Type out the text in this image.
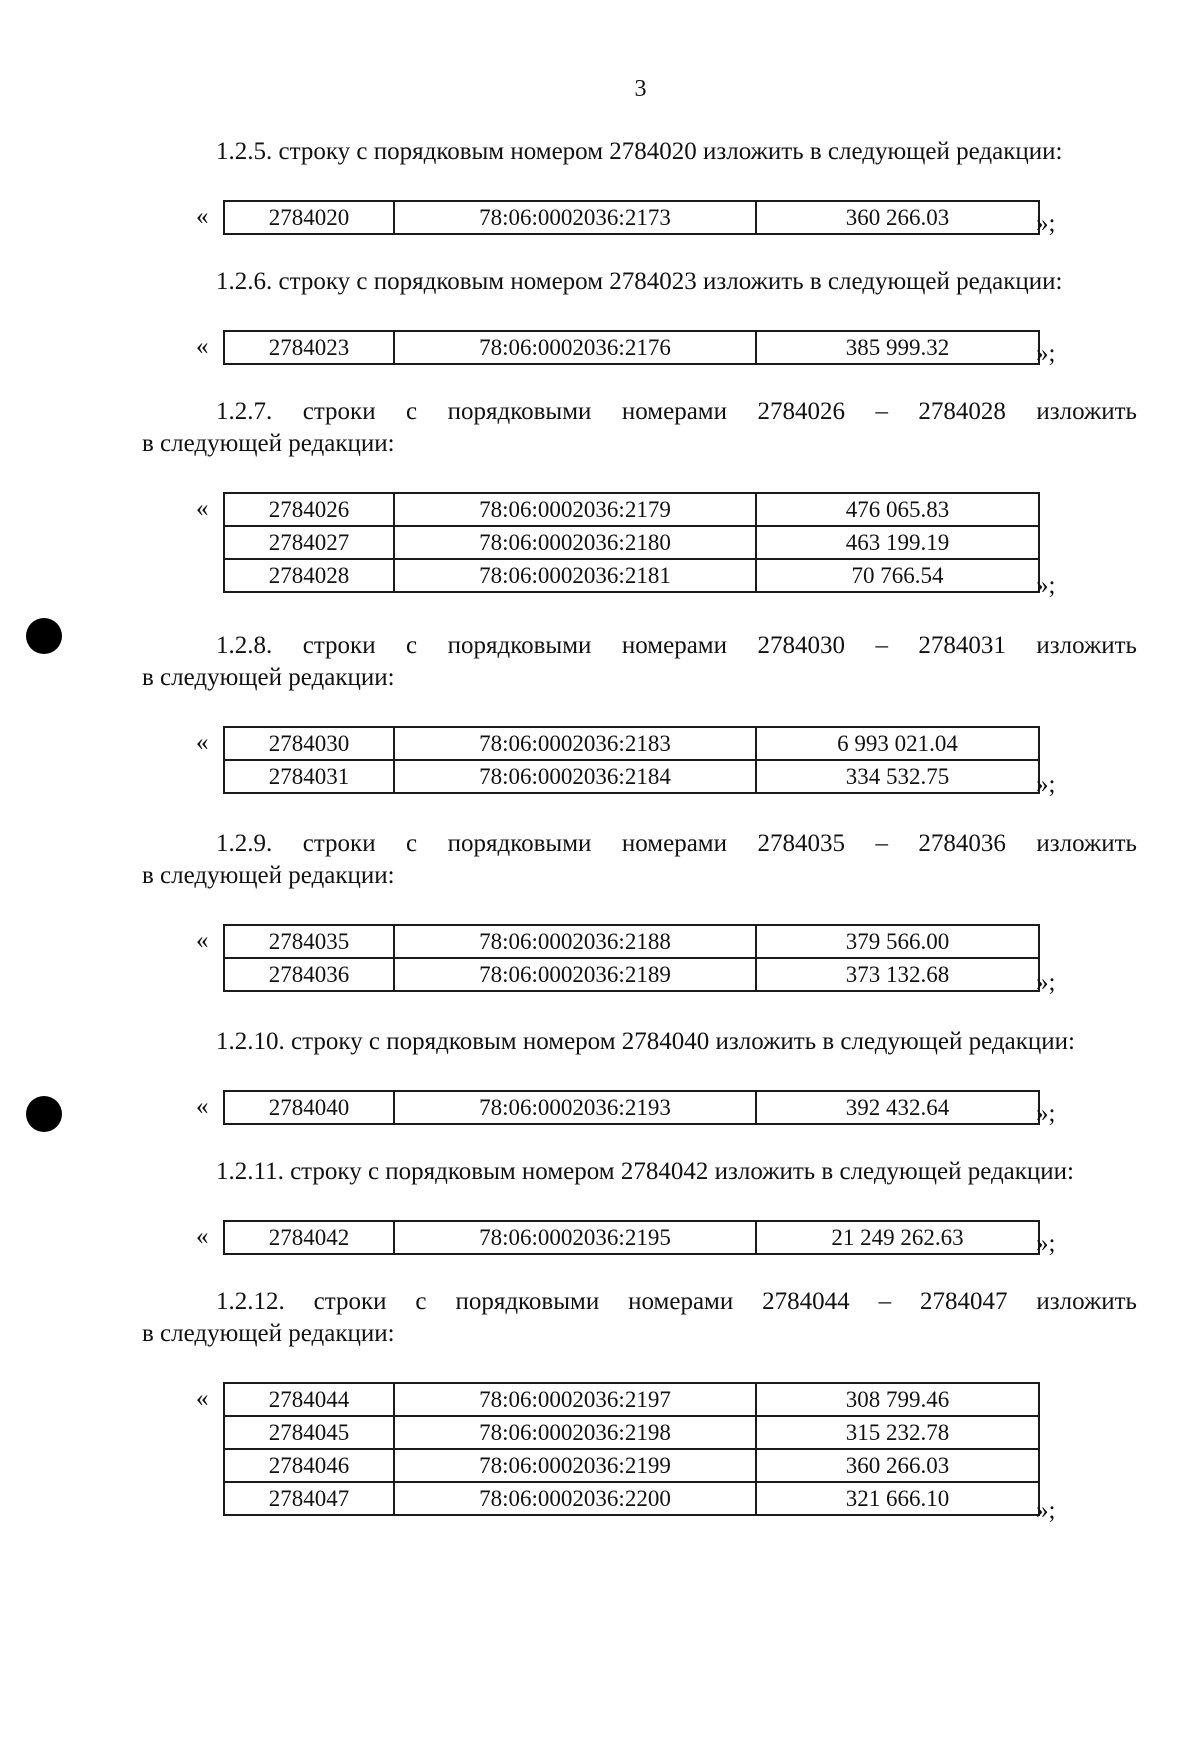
3
1.2.5. строку с порядковым номером 2784020 изложить в следующей редакции:
«	2784020	78:06:0002036:2173	360 266.03	»;
1.2.6. строку с порядковым номером 2784023 изложить в следующей редакции:
«	2784023	78:06:0002036:2176	385 999.32	»;
1.2.7. строки с порядковыми номерами 2784026 – 2784028 изложить
в следующей редакции:
«	2784026	78:06:0002036:2179	476 065.83
2784027	78:06:0002036:2180	463 199.19
2784028	78:06:0002036:2181	70 766.54	»;
1.2.8. строки с порядковыми номерами 2784030 – 2784031 изложить
в следующей редакции:
«	2784030	78:06:0002036:2183	6 993 021.04
2784031	78:06:0002036:2184	334 532.75	»;
1.2.9. строки с порядковыми номерами 2784035 – 2784036 изложить
в следующей редакции:
«	2784035	78:06:0002036:2188	379 566.00
2784036	78:06:0002036:2189	373 132.68	»;
1.2.10. строку с порядковым номером 2784040 изложить в следующей редакции:
«	2784040	78:06:0002036:2193	392 432.64	»;
1.2.11. строку с порядковым номером 2784042 изложить в следующей редакции:
«	2784042	78:06:0002036:2195	21 249 262.63	»;
1.2.12. строки с порядковыми номерами 2784044 – 2784047 изложить
в следующей редакции:
«	2784044	78:06:0002036:2197	308 799.46
2784045	78:06:0002036:2198	315 232.78
2784046	78:06:0002036:2199	360 266.03
2784047	78:06:0002036:2200	321 666.10	»;
